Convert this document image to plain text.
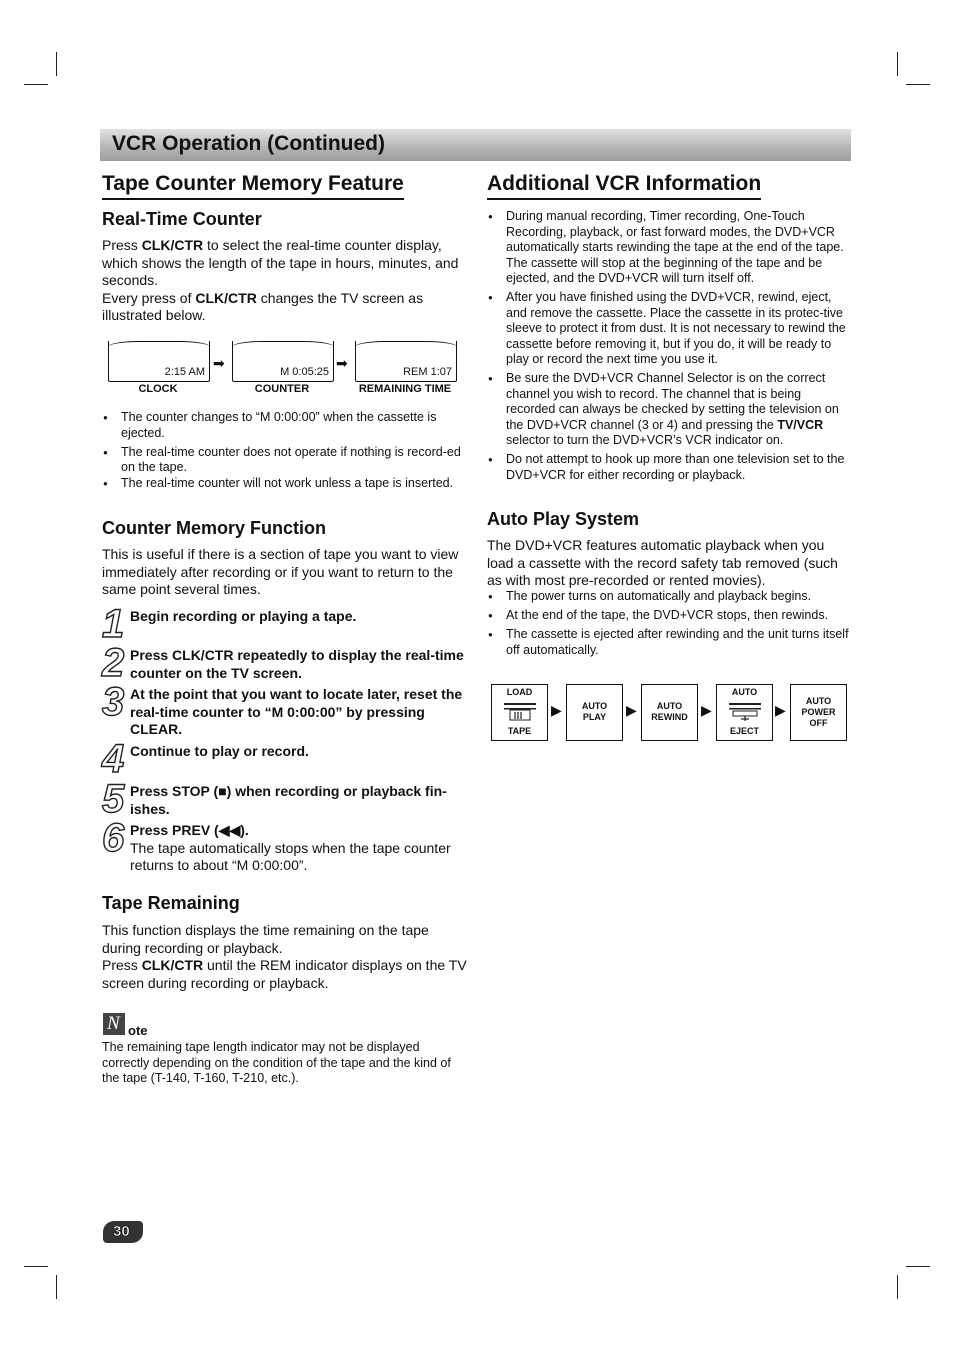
VCR Operation (Continued)
Tape Counter Memory Feature
Real-Time Counter
Press CLK/CTR to select the real-time counter display, which shows the length of the tape in hours, minutes, and seconds.
Every press of CLK/CTR changes the TV screen as illustrated below.
2:15 AM
➡
M 0:05:25
➡
REM 1:07
CLOCK	COUNTER	REMAINING TIME
● The counter changes to “M 0:00:00” when the cassette is ejected.
● The real-time counter does not operate if nothing is record-ed on the tape.
● The real-time counter will not work unless a tape is inserted.
Counter Memory Function
This is useful if there is a section of tape you want to view immediately after recording or if you want to return to the same point several times.
1 Begin recording or playing a tape.
2 Press CLK/CTR repeatedly to display the real-time counter on the TV screen.
3 At the point that you want to locate later, reset the real-time counter to “M 0:00:00” by pressing CLEAR.
4 Continue to play or record.
5 Press STOP (■) when recording or playback fin-ishes.
6 Press PREV (◀◀).
The tape automatically stops when the tape counter returns to about “M 0:00:00”.
Tape Remaining
This function displays the time remaining on the tape during recording or playback.
Press CLK/CTR until the REM indicator displays on the TV screen during recording or playback.
N ote
The remaining tape length indicator may not be displayed correctly depending on the condition of the tape and the kind of the tape (T-140, T-160, T-210, etc.).
Additional VCR Information
● During manual recording, Timer recording, One-Touch Recording, playback, or fast forward modes, the DVD+VCR automatically starts rewinding the tape at the end of the tape. The cassette will stop at the beginning of the tape and be ejected, and the DVD+VCR will turn itself off.
● After you have finished using the DVD+VCR, rewind, eject, and remove the cassette. Place the cassette in its protec-tive sleeve to protect it from dust. It is not necessary to rewind the cassette before removing it, but if you do, it will be ready to play or record the next time you use it.
● Be sure the DVD+VCR Channel Selector is on the correct channel you wish to record. The channel that is being recorded can always be checked by setting the television on the DVD+VCR channel (3 or 4) and pressing the TV/VCR selector to turn the DVD+VCR’s VCR indicator on.
● Do not attempt to hook up more than one television set to the DVD+VCR for either recording or playback.
Auto Play System
The DVD+VCR features automatic playback when you load a cassette with the record safety tab removed (such as with most pre-recorded or rented movies).
● The power turns on automatically and playback begins.
● At the end of the tape, the DVD+VCR stops, then rewinds.
● The cassette is ejected after rewinding and the unit turns itself off automatically.
LOAD
TAPE
▶	AUTO
PLAY	▶	AUTO
REWIND ▶
AUTO
EJECT
▶
AUTO
POWER
OFF
30
